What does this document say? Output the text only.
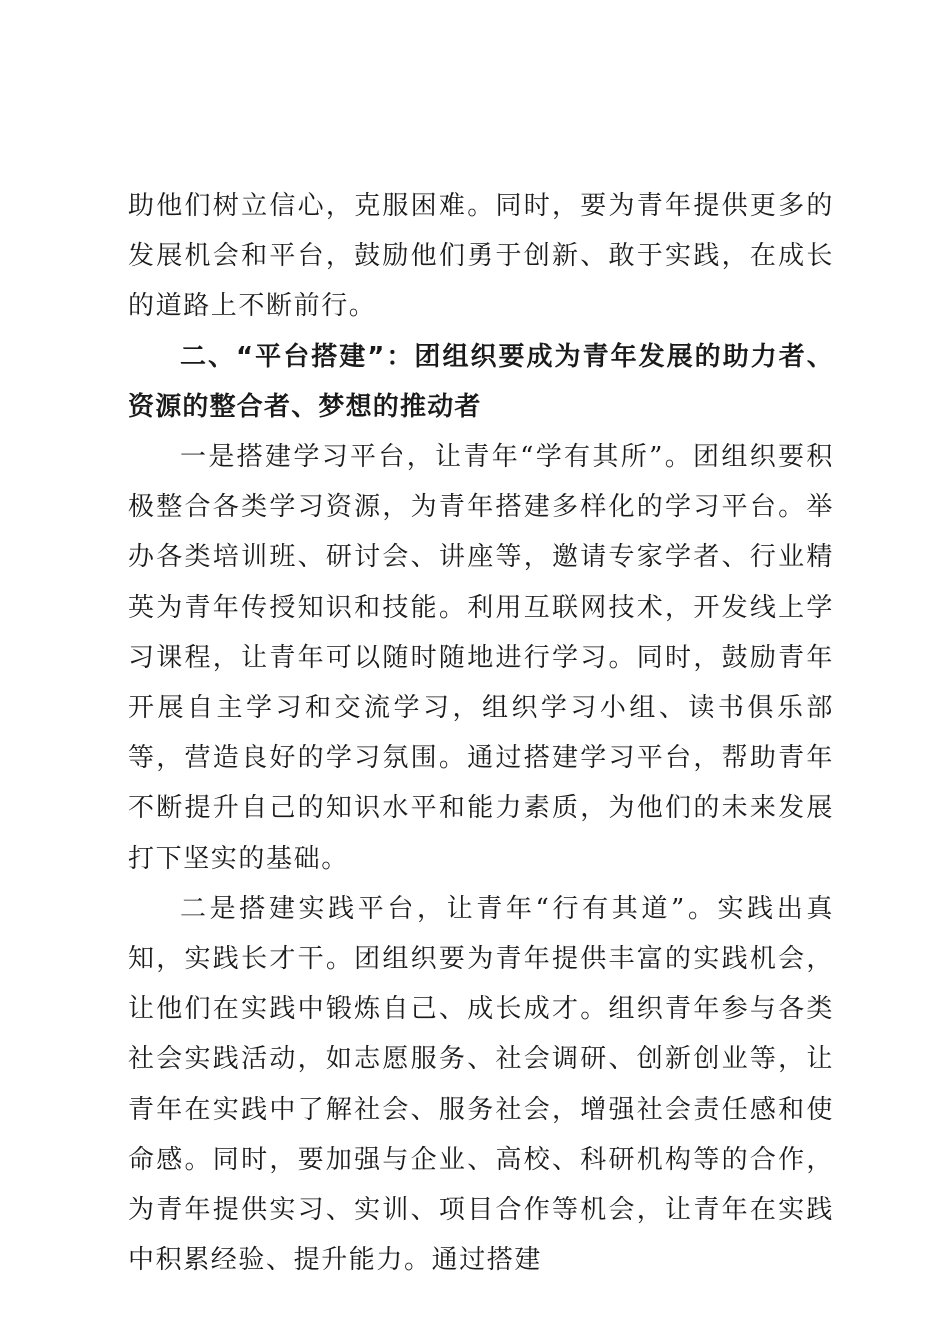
助他们树立信心，克服困难。同时，要为青年提供更多的发展机会和平台，鼓励他们勇于创新、敢于实践，在成长的道路上不断前行。

二、“平台搭建”：团组织要成为青年发展的助力者、资源的整合者、梦想的推动者

一是搭建学习平台，让青年“学有其所”。团组织要积极整合各类学习资源，为青年搭建多样化的学习平台。举办各类培训班、研讨会、讲座等，邀请专家学者、行业精英为青年传授知识和技能。利用互联网技术，开发线上学习课程，让青年可以随时随地进行学习。同时，鼓励青年开展自主学习和交流学习，组织学习小组、读书俱乐部等，营造良好的学习氛围。通过搭建学习平台，帮助青年不断提升自己的知识水平和能力素质，为他们的未来发展打下坚实的基础。

二是搭建实践平台，让青年“行有其道”。实践出真知，实践长才干。团组织要为青年提供丰富的实践机会，让他们在实践中锻炼自己、成长成才。组织青年参与各类社会实践活动，如志愿服务、社会调研、创新创业等，让青年在实践中了解社会、服务社会，增强社会责任感和使命感。同时，要加强与企业、高校、科研机构等的合作，为青年提供实习、实训、项目合作等机会，让青年在实践中积累经验、提升能力。通过搭建
